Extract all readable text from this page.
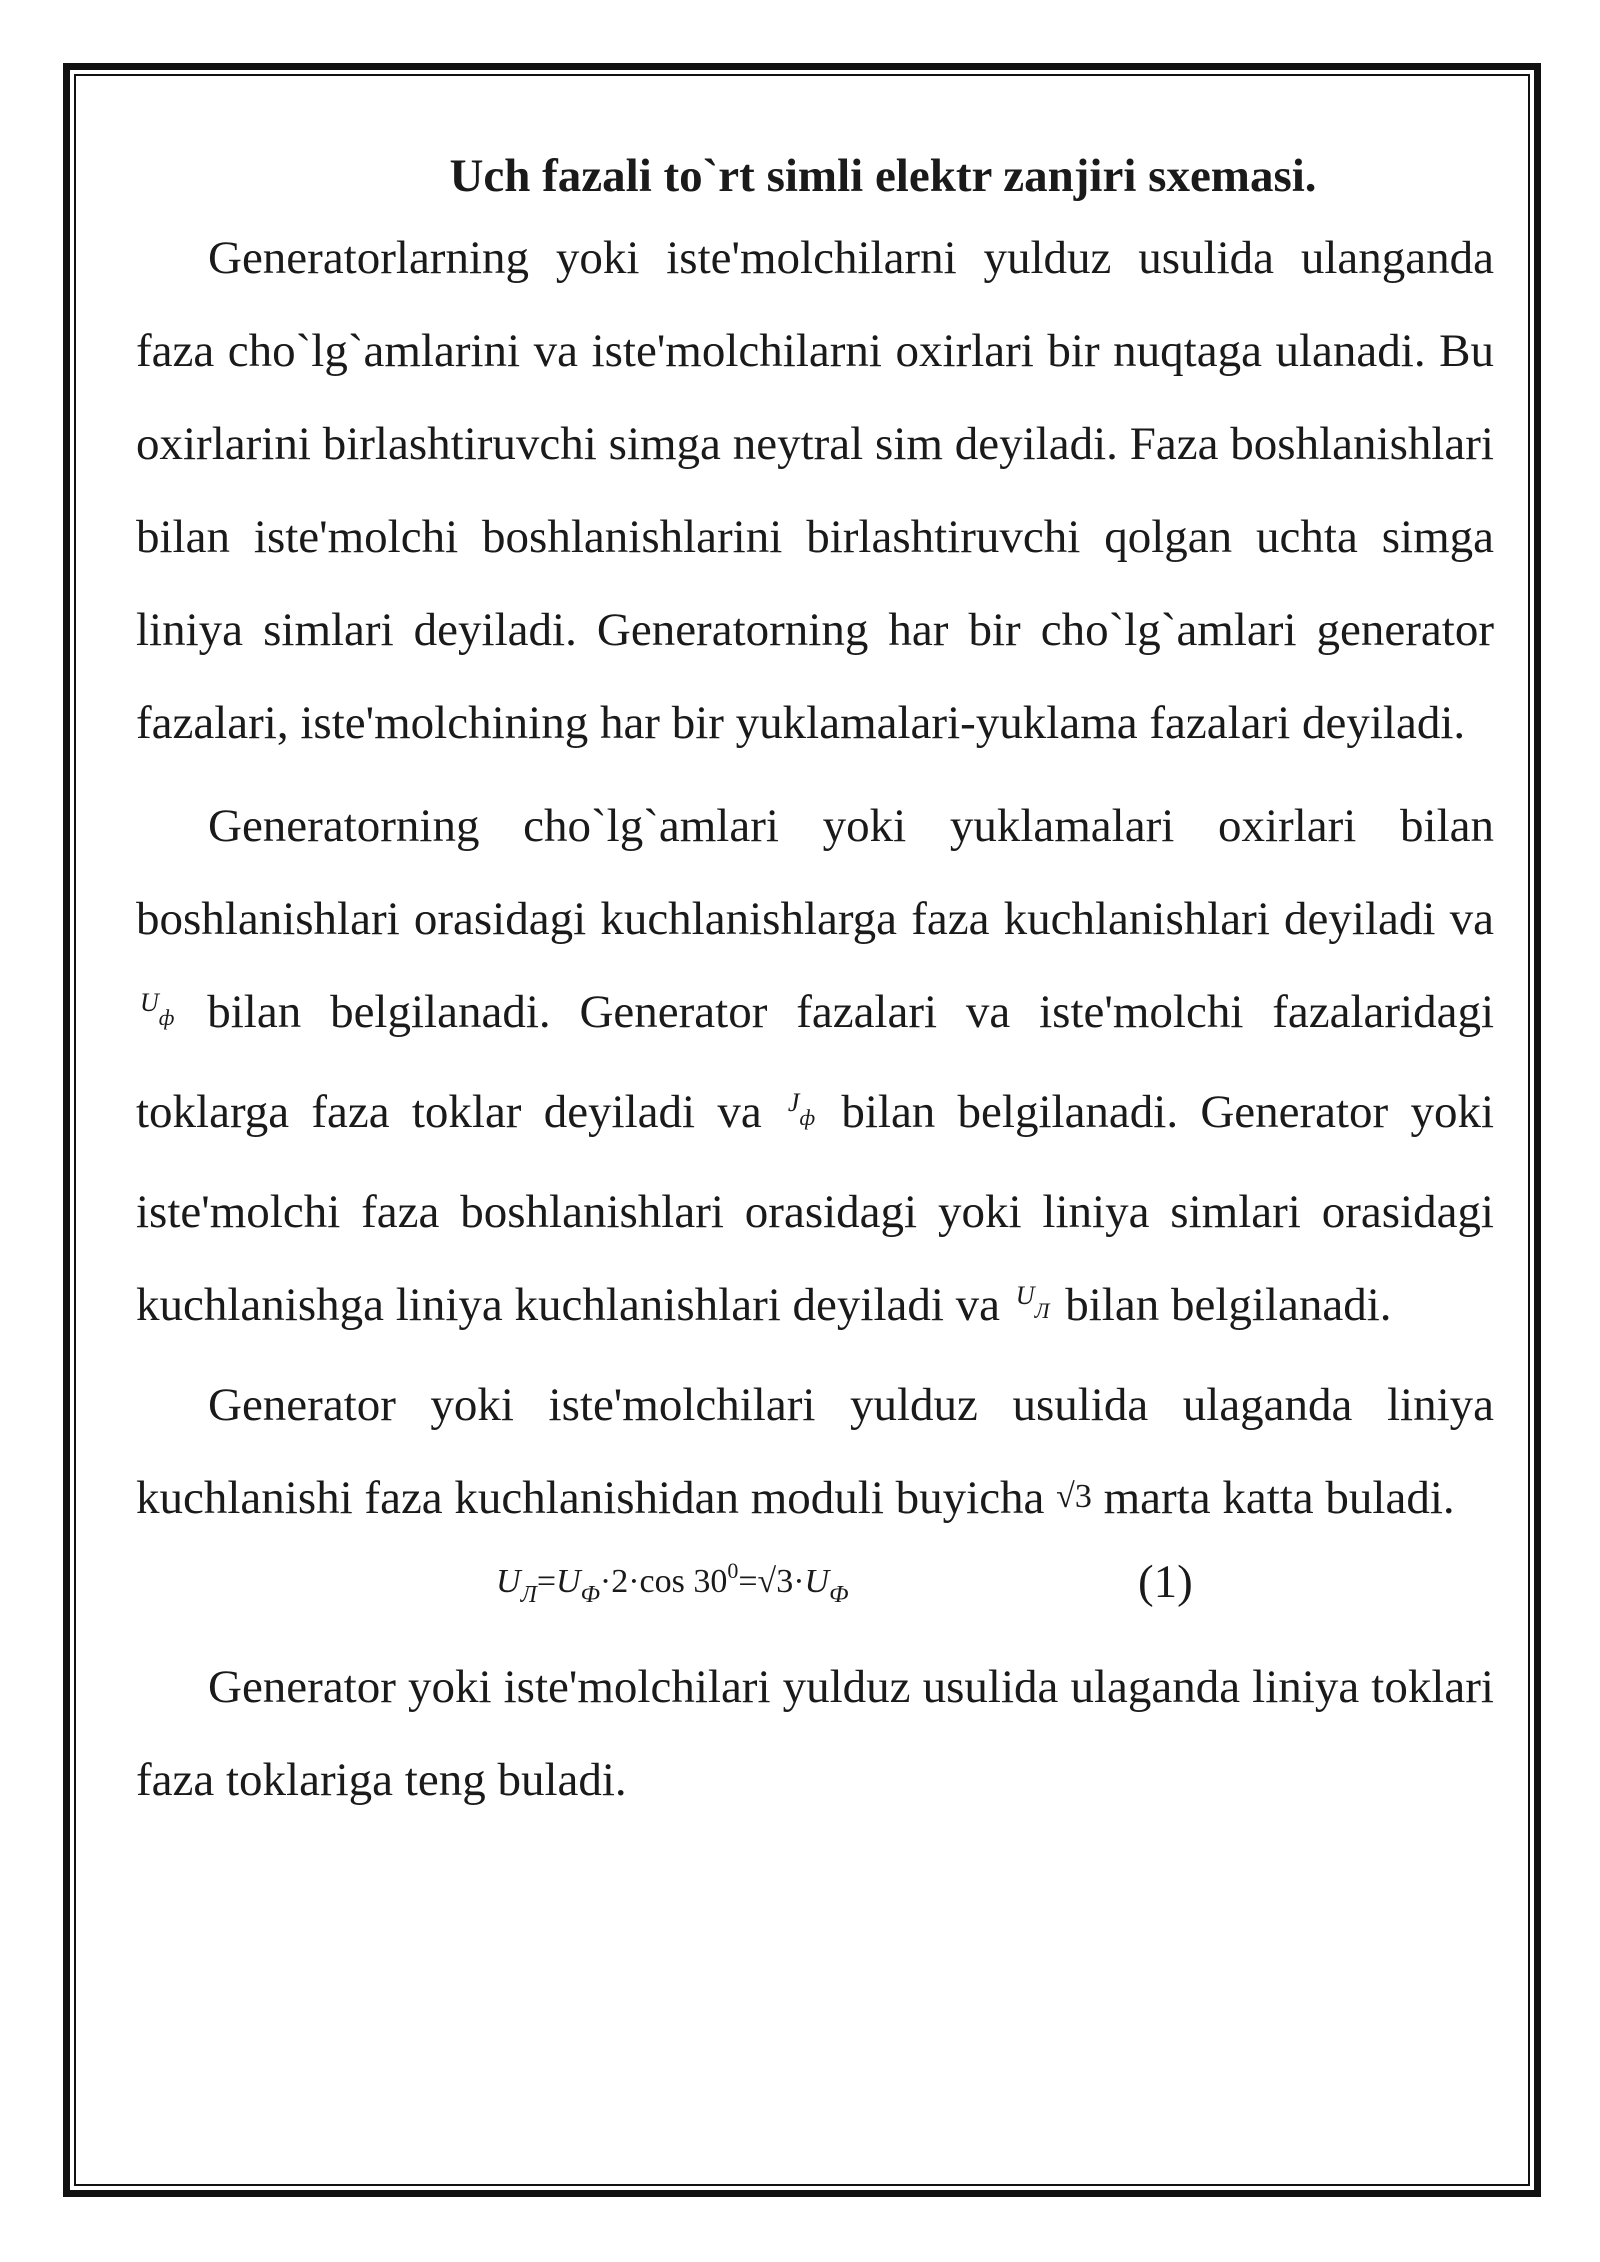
Uch fazali to`rt simli elektr zanjiri sxemasi.

Generatorlarning yoki iste'molchilarni yulduz usulida ulanganda faza cho`lg`amlarini va iste'molchilarni oxirlari bir nuqtaga ulanadi. Bu oxirlarini birlashtiruvchi simga neytral sim deyiladi. Faza boshlanishlari bilan iste'molchi boshlanishlarini birlashtiruvchi qolgan uchta simga liniya simlari deyiladi. Generatorning har bir cho`lg`amlari generator fazalari, iste'molchining har bir yuklamalari-yuklama fazalari deyiladi.

Generatorning cho`lg`amlari yoki yuklamalari oxirlari bilan boshlanishlari orasidagi kuchlanishlarga faza kuchlanishlari deyiladi va $^{U_ф}$ bilan belgilanadi. Generator fazalari va iste'molchi fazalaridagi toklarga faza toklar deyiladi va $^{J_ф}$ bilan belgilanadi. Generator yoki iste'molchi faza boshlanishlari orasidagi yoki liniya simlari orasidagi kuchlanishga liniya kuchlanishlari deyiladi va $^{U_Л}$ bilan belgilanadi.

Generator yoki iste'molchilari yulduz usulida ulaganda liniya kuchlanishi faza kuchlanishidan moduli buyicha √3 marta katta buladi.

$U_Л=U_Ф\cdot 2\cdot\cos$ $30^0=√3\cdot U_Ф$	(1)

Generator yoki iste'molchilari yulduz usulida ulaganda liniya toklari faza toklariga teng buladi.
